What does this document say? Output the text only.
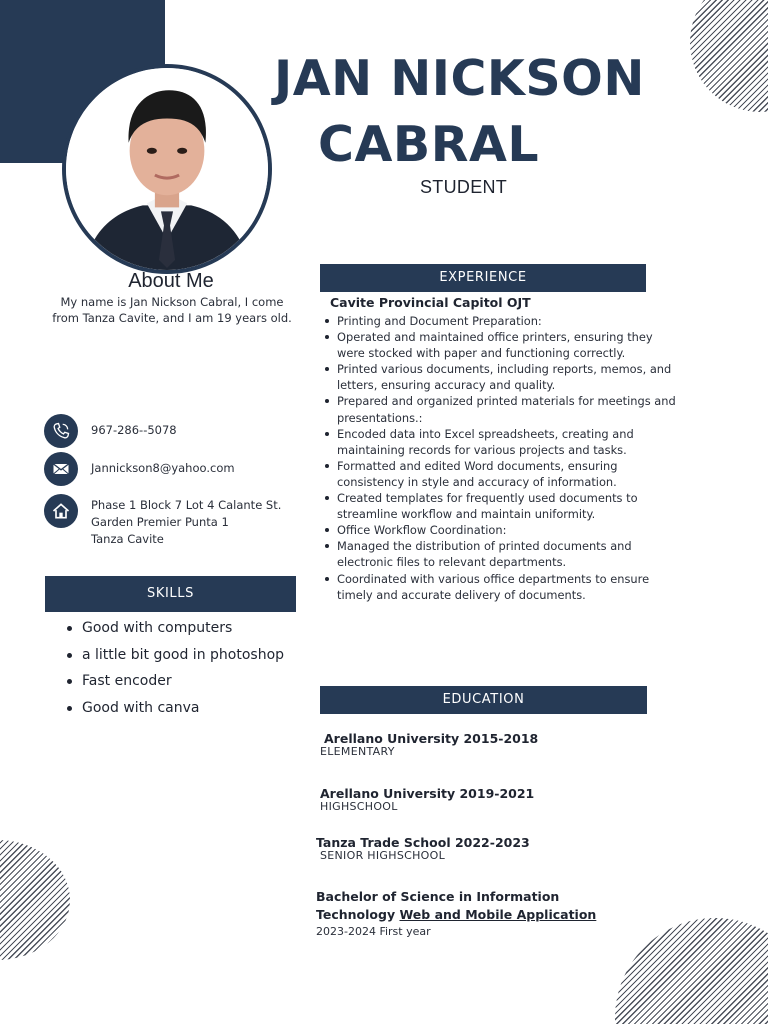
JAN NICKSON
CABRAL
STUDENT
About Me
My name is Jan Nickson Cabral, I come from Tanza Cavite, and I am 19 years old.
967-286--5078
Jannickson8@yahoo.com
Phase 1 Block 7 Lot 4 Calante St.
Garden Premier Punta 1
Tanza Cavite
SKILLS
Good with computers
a little bit good in photoshop
Fast encoder
Good with canva
EXPERIENCE
Cavite Provincial Capitol OJT
Printing and Document Preparation:
Operated and maintained office printers, ensuring they were stocked with paper and functioning correctly.
Printed various documents, including reports, memos, and letters, ensuring accuracy and quality.
Prepared and organized printed materials for meetings and presentations.:
Encoded data into Excel spreadsheets, creating and maintaining records for various projects and tasks.
Formatted and edited Word documents, ensuring consistency in style and accuracy of information.
Created templates for frequently used documents to streamline workflow and maintain uniformity.
Office Workflow Coordination:
Managed the distribution of printed documents and electronic files to relevant departments.
Coordinated with various office departments to ensure timely and accurate delivery of documents.
EDUCATION
Arellano University 2015-2018
ELEMENTARY
Arellano University 2019-2021
HIGHSCHOOL
Tanza Trade School 2022-2023
SENIOR HIGHSCHOOL
Bachelor of Science in Information
Technology Web and Mobile Application
2023-2024 First year
